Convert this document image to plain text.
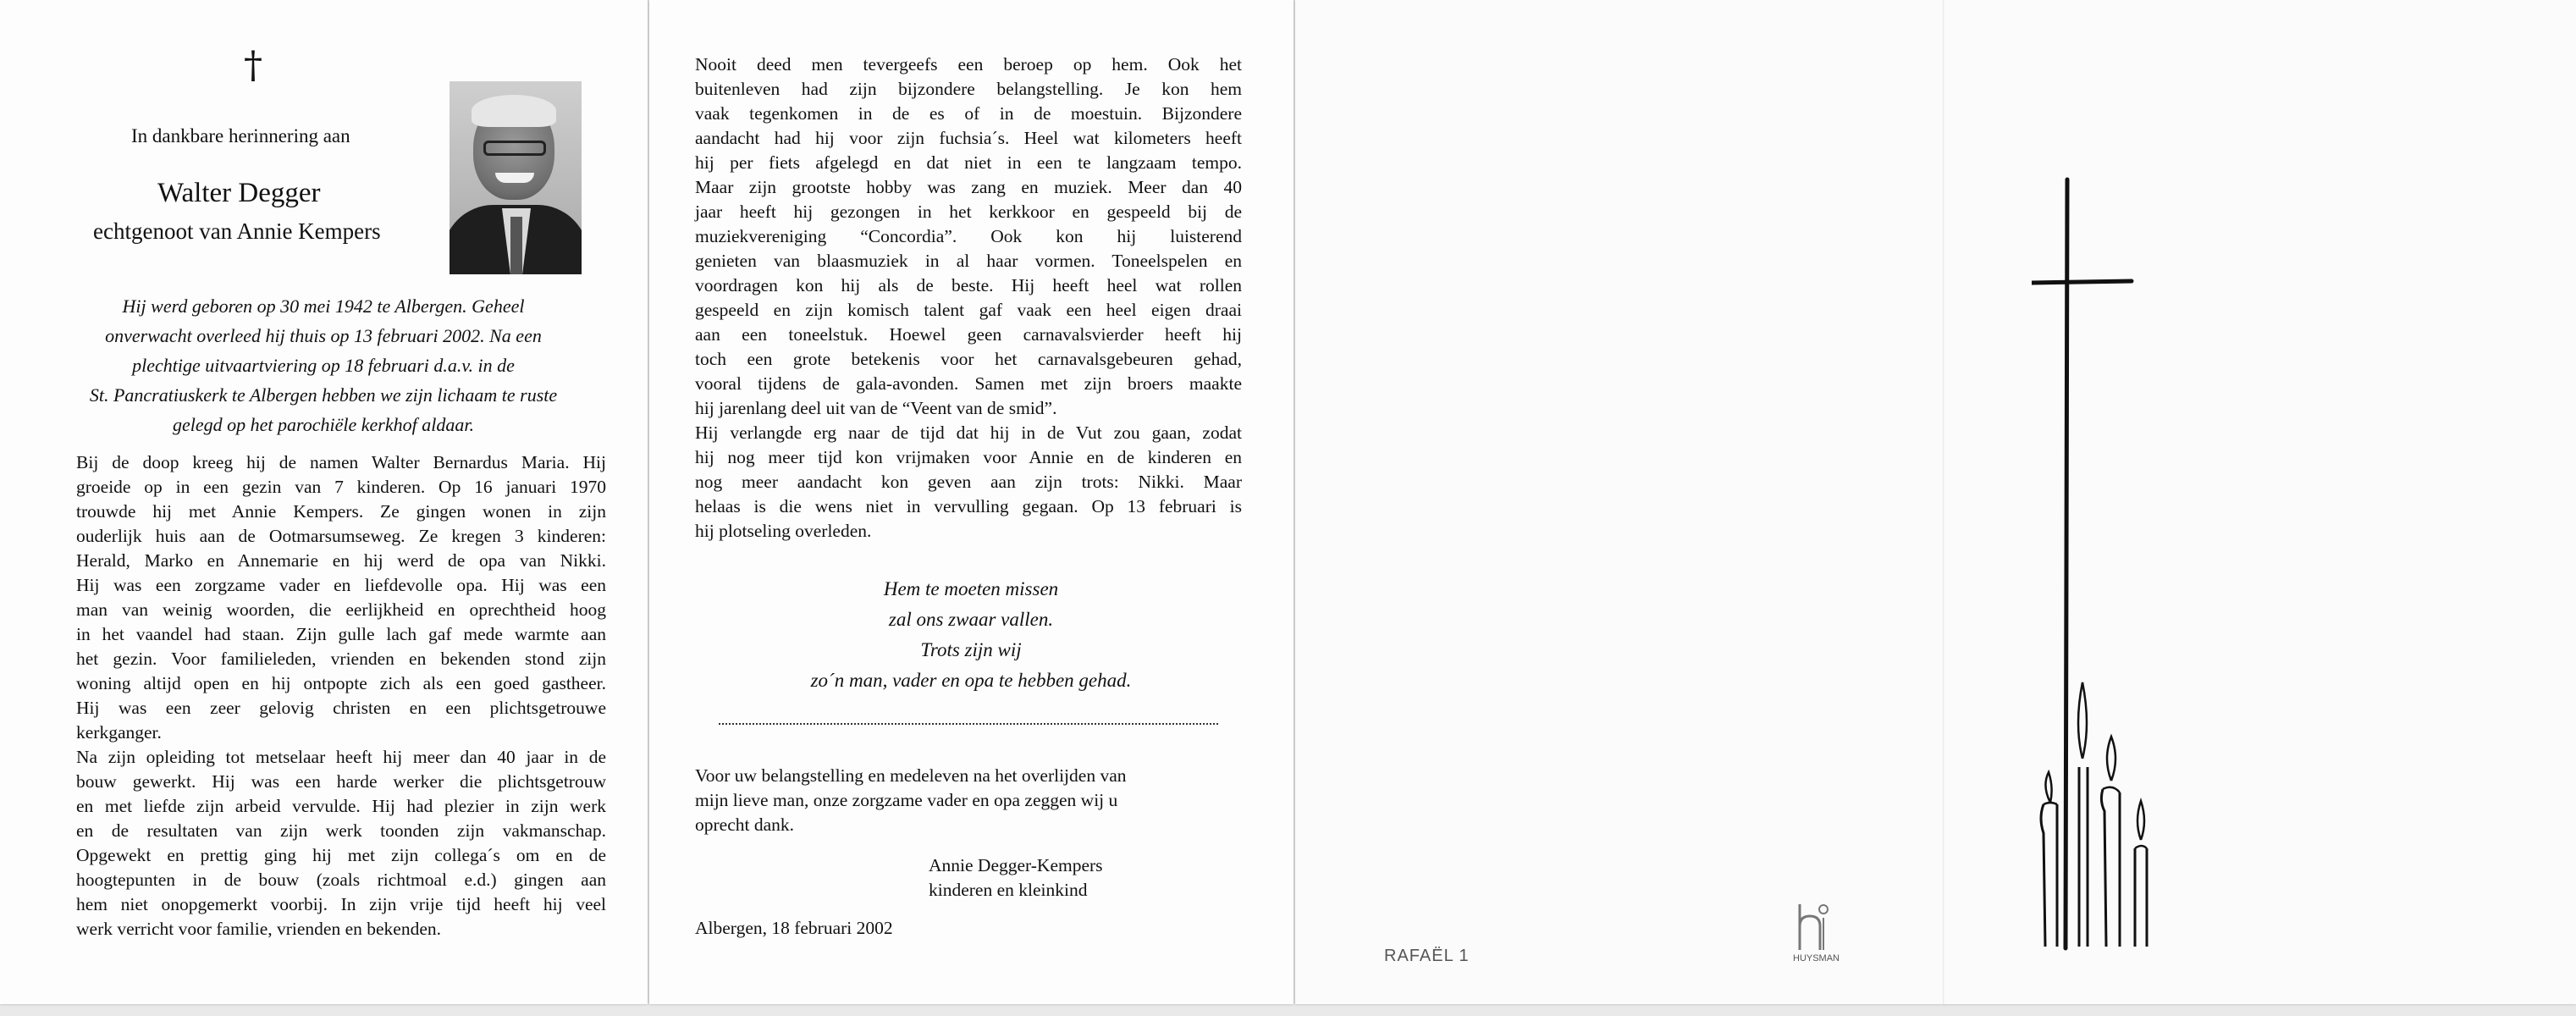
†
In dankbare herinnering aan
Walter Degger
echtgenoot van Annie Kempers
Hij werd geboren op 30 mei 1942 te Albergen. Geheel
onverwacht overleed hij thuis op 13 februari 2002. Na een
plechtige uitvaartviering op 18 februari d.a.v. in de
St. Pancratiuskerk te Albergen hebben we zijn lichaam te ruste
gelegd op het parochiële kerkhof aldaar.
Bij de doop kreeg hij de namen Walter Bernardus Maria. Hij
groeide op in een gezin van 7 kinderen. Op 16 januari 1970
trouwde hij met Annie Kempers. Ze gingen wonen in zijn
ouderlijk huis aan de Ootmarsumseweg. Ze kregen 3 kinderen:
Herald, Marko en Annemarie en hij werd de opa van Nikki.
Hij was een zorgzame vader en liefdevolle opa. Hij was een
man van weinig woorden, die eerlijkheid en oprechtheid hoog
in het vaandel had staan. Zijn gulle lach gaf mede warmte aan
het gezin. Voor familieleden, vrienden en bekenden stond zijn
woning altijd open en hij ontpopte zich als een goed gastheer.
Hij was een zeer gelovig christen en een plichtsgetrouwe
kerkganger.
Na zijn opleiding tot metselaar heeft hij meer dan 40 jaar in de
bouw gewerkt. Hij was een harde werker die plichtsgetrouw
en met liefde zijn arbeid vervulde. Hij had plezier in zijn werk
en de resultaten van zijn werk toonden zijn vakmanschap.
Opgewekt en prettig ging hij met zijn collega´s om en de
hoogtepunten in de bouw (zoals richtmoal e.d.) gingen aan
hem niet onopgemerkt voorbij. In zijn vrije tijd heeft hij veel
werk verricht voor familie, vrienden en bekenden.
Nooit deed men tevergeefs een beroep op hem. Ook het
buitenleven had zijn bijzondere belangstelling. Je kon hem
vaak tegenkomen in de es of in de moestuin. Bijzondere
aandacht had hij voor zijn fuchsia´s. Heel wat kilometers heeft
hij per fiets afgelegd en dat niet in een te langzaam tempo.
Maar zijn grootste hobby was zang en muziek. Meer dan 40
jaar heeft hij gezongen in het kerkkoor en gespeeld bij de
muziekvereniging “Concordia”. Ook kon hij luisterend
genieten van blaasmuziek in al haar vormen. Toneelspelen en
voordragen kon hij als de beste. Hij heeft heel wat rollen
gespeeld en zijn komisch talent gaf vaak een heel eigen draai
aan een toneelstuk. Hoewel geen carnavalsvierder heeft hij
toch een grote betekenis voor het carnavalsgebeuren gehad,
vooral tijdens de gala-avonden. Samen met zijn broers maakte
hij jarenlang deel uit van de “Veent van de smid”.
Hij verlangde erg naar de tijd dat hij in de Vut zou gaan, zodat
hij nog meer tijd kon vrijmaken voor Annie en de kinderen en
nog meer aandacht kon geven aan zijn trots: Nikki. Maar
helaas is die wens niet in vervulling gegaan. Op 13 februari is
hij plotseling overleden.
Hem te moeten missen
zal ons zwaar vallen.
Trots zijn wij
zo´n man, vader en opa te hebben gehad.
Voor uw belangstelling en medeleven na het overlijden van
mijn lieve man, onze zorgzame vader en opa zeggen wij u
oprecht dank.
Annie Degger-Kempers
kinderen en kleinkind
Albergen, 18 februari 2002
RAFAËL 1	HUYSMAN
